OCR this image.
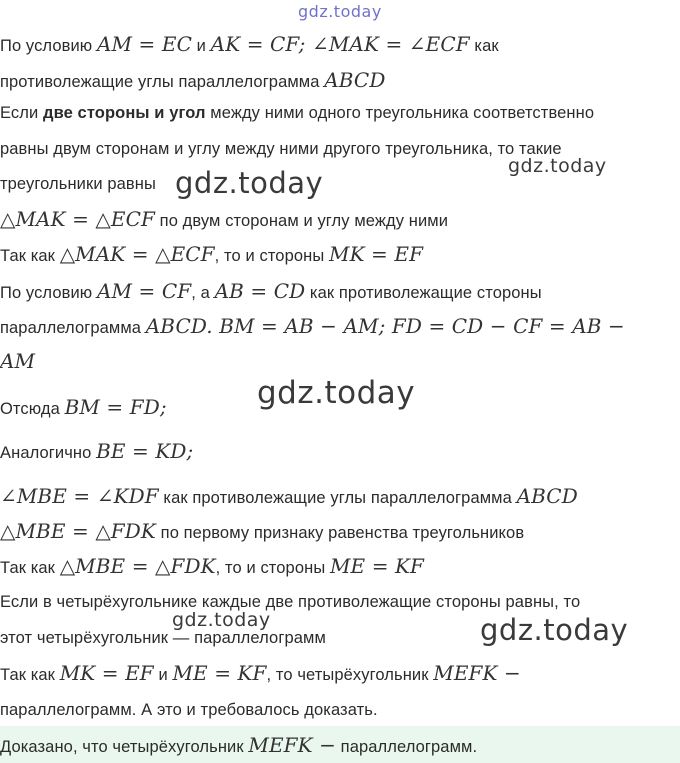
gdz.today
По условию AM = EC и AK = CF; ∠MAK = ∠ECF как
противолежащие углы параллелограмма ABCD
Если две стороны и угол между ними одного треугольника соответственно
равны двум сторонам и углу между ними другого треугольника, то такие
треугольники равны
△MAK = △ECF по двум сторонам и углу между ними
Так как △MAK = △ECF, то и стороны MK = EF
По условию AM = CF, а AB = CD как противолежащие стороны
параллелограмма ABCD. BM = AB − AM; FD = CD − CF = AB −
AM
Отсюда BM = FD;
Аналогично BE = KD;
∠MBE = ∠KDF как противолежащие углы параллелограмма ABCD
△MBE = △FDK по первому признаку равенства треугольников
Так как △MBE = △FDK, то и стороны ME = KF
Если в четырёхугольнике каждые две противолежащие стороны равны, то
этот четырёхугольник — параллелограмм
Так как MK = EF и ME = KF, то четырёхугольник MEFK −
параллелограмм. А это и требовалось доказать.
Доказано, что четырёхугольник MEFK − параллелограмм.
gdz.today	gdz.today
gdz.today
gdz.today
gdz.today
